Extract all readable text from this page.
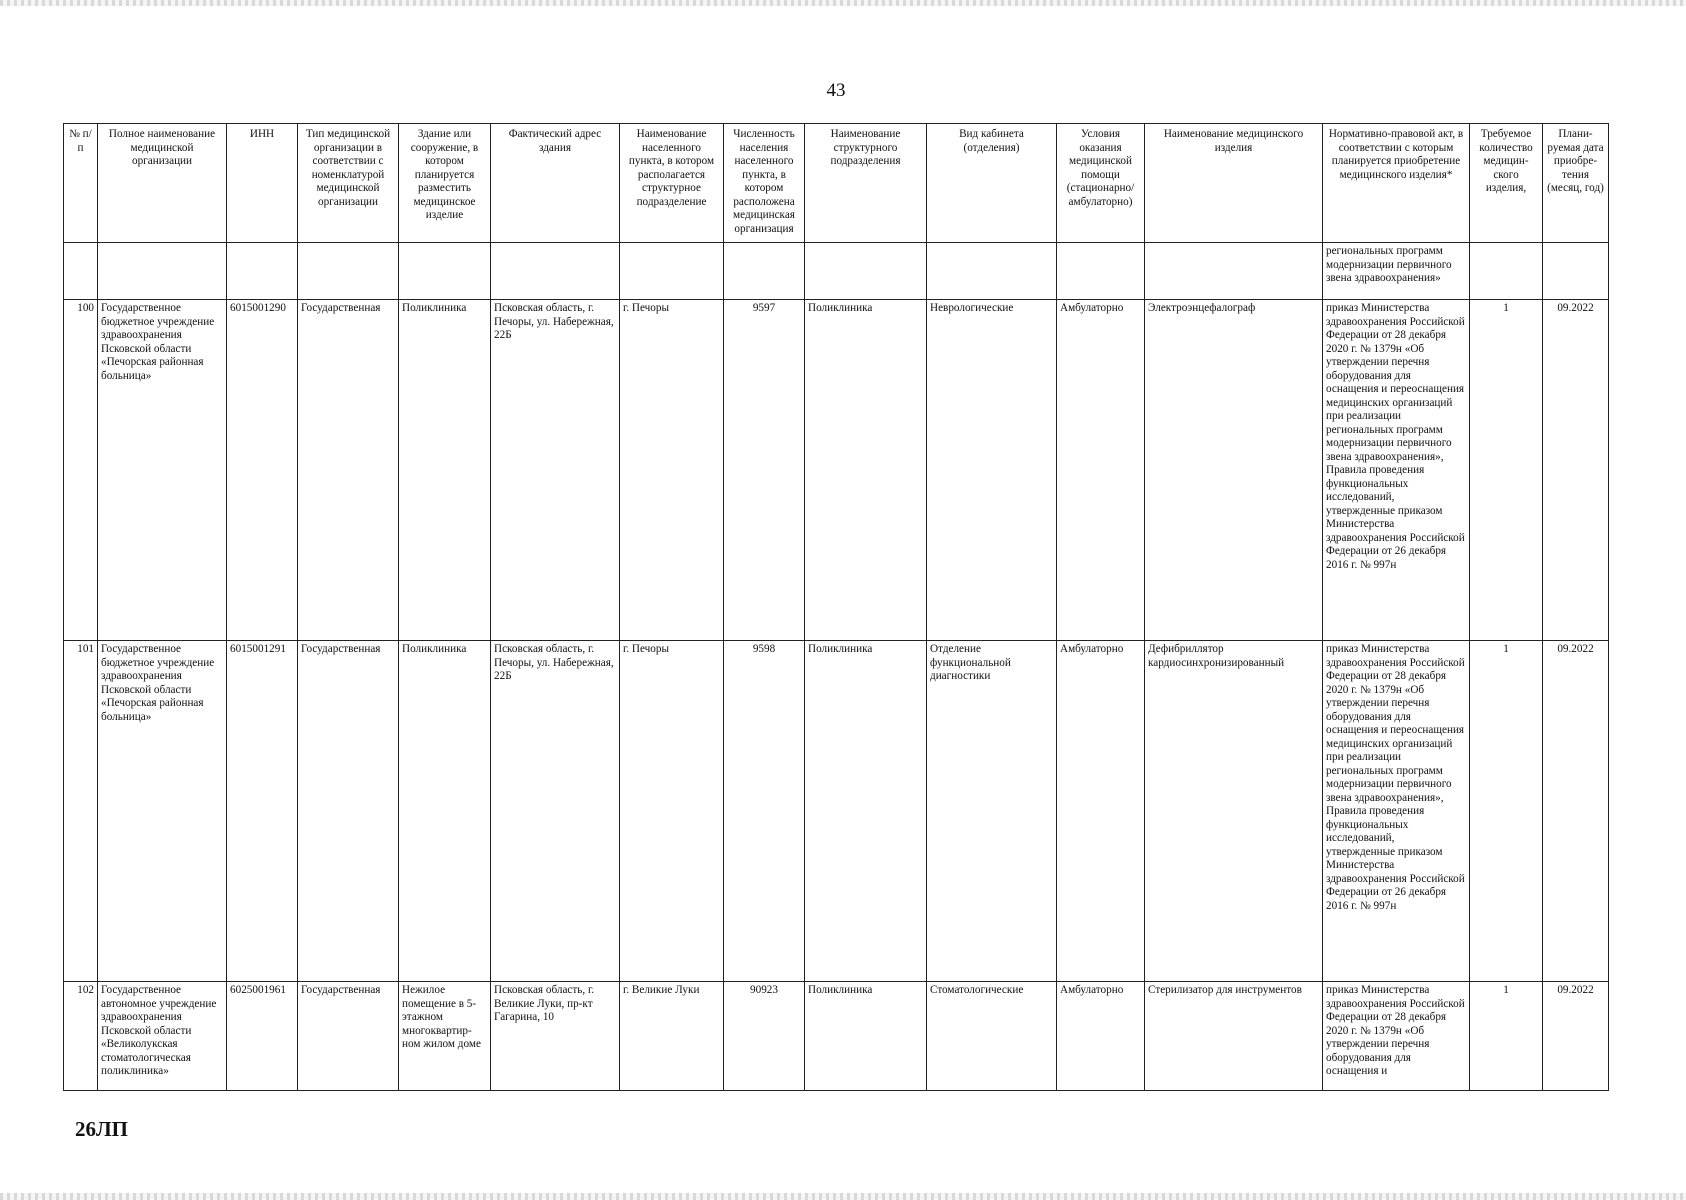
43
№ п/п	Полное наименование медицинской организации	ИНН	Тип медицинской организации в соответствии с номенклатурой медицинской организации	Здание или сооружение, в котором планируется разместить медицинское изделие	Фактический адрес здания	Наименование населенного пункта, в котором располагается структурное подразделение	Численность населения населенного пункта, в котором расположена медицинская организация	Наименование структурного подразделения	Вид кабинета (отделения)	Условия оказания медицинской помощи (стационарно/ амбулаторно)	Наименование медицинского изделия	Нормативно-правовой акт, в соответствии с которым планируется приобретение медицинского изделия*	Требуемое количество медицин-ского изделия,	Плани-руемая дата приобре-тения (месяц, год)
												региональных программ модернизации первичного звена здравоохранения»		
100	Государственное бюджетное учреждение здравоохранения Псковской области «Печорская районная больница»	6015001290	Государственная	Поликлиника	Псковская область, г. Печоры, ул. Набережная, 22Б	г. Печоры	9597	Поликлиника	Неврологические	Амбулаторно	Электроэнцефалограф	приказ Министерства здравоохранения Российской Федерации от 28 декабря 2020 г. № 1379н «Об утверждении перечня оборудования для оснащения и переоснащения медицинских организаций при реализации региональных программ модернизации первичного звена здравоохранения», Правила проведения функциональных исследований, утвержденные приказом Министерства здравоохранения Российской Федерации от 26 декабря 2016 г. № 997н	1	09.2022
101	Государственное бюджетное учреждение здравоохранения Псковской области «Печорская районная больница»	6015001291	Государственная	Поликлиника	Псковская область, г. Печоры, ул. Набережная, 22Б	г. Печоры	9598	Поликлиника	Отделение функциональной диагностики	Амбулаторно	Дефибриллятор кардиосинхронизированный	приказ Министерства здравоохранения Российской Федерации от 28 декабря 2020 г. № 1379н «Об утверждении перечня оборудования для оснащения и переоснащения медицинских организаций при реализации региональных программ модернизации первичного звена здравоохранения», Правила проведения функциональных исследований, утвержденные приказом Министерства здравоохранения Российской Федерации от 26 декабря 2016 г. № 997н	1	09.2022
102	Государственное автономное учреждение здравоохранения Псковской области «Великолукская стоматологическая поликлиника»	6025001961	Государственная	Нежилое помещение в 5-этажном многоквартир-ном жилом доме	Псковская область, г. Великие Луки, пр-кт Гагарина, 10	г. Великие Луки	90923	Поликлиника	Стоматологические	Амбулаторно	Стерилизатор для инструментов	приказ Министерства здравоохранения Российской Федерации от 28 декабря 2020 г. № 1379н «Об утверждении перечня оборудования для оснащения и	1	09.2022
26ЛП
